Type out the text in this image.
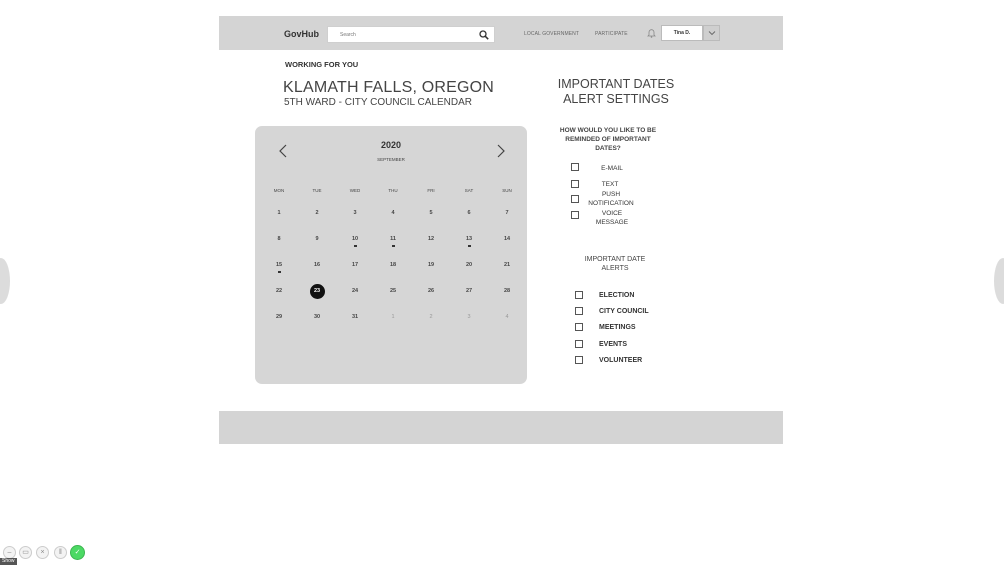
GovHub
Search	LOCAL GOVERNMENT	PARTICIPATE	Tina D.
WORKING FOR YOU
KLAMATH FALLS, OREGON
5TH WARD - CITY COUNCIL CALENDAR
2020
SEPTEMBER
MON	TUE	WED	THU	FRI	SAT	SUN
1	2	3	4	5	6	7
8	9	10	11	12	13	14
15	16	17	18	19	20	21
22	23	24	25	26	27	28
29	30	31	1	2	3	4
IMPORTANT DATES
ALERT SETTINGS
HOW WOULD YOU LIKE TO BE REMINDED OF IMPORTANT DATES?
E-MAIL
TEXT
PUSH NOTIFICATION
VOICE MESSAGE
IMPORTANT DATE ALERTS
ELECTION
CITY COUNCIL
MEETINGS
EVENTS
VOLUNTEER
–	▭	×	‖	✓
Show
